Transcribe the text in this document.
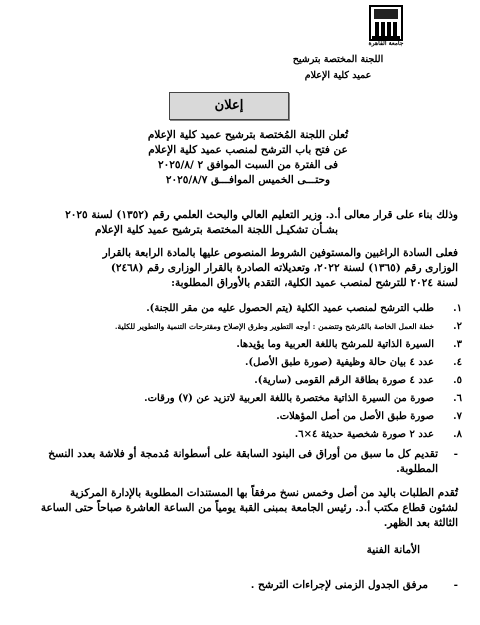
جامعة القاهرة
اللجنة المختصة بترشيح
عميد كلية الإعلام
إعلان
تُعلن اللجنة المُختصة بترشيح عميد كلية الإعلام
عن فتح باب الترشح لمنصب عميد كلية الإعلام
فى الفترة من السبت الموافق ٢ /٢٠٢٥/٨
وحتـــى الخميس الموافـــق ٢٠٢٥/٨/٧
وذلك بناء على قرار معالى أ.د. وزير التعليم العالي والبحث العلمي رقم (١٣٥٢) لسنة ٢٠٢٥
بشـأن تشكيـل اللجنة المختصة بترشيح عميد كلية الإعلام
فعلى السادة الراغبين والمستوفين الشروط المنصوص عليها بالمادة الرابعة بالقرار
الوزارى رقم (١٣٦٥) لسنة ٢٠٢٢، وتعديلاته الصادرة بالقرار الوزارى رقم (٢٤٦٨)
لسنة ٢٠٢٤ للترشح لمنصب عميد الكلية، التقدم بالأوراق المطلوبة:
١.
طلب الترشح لمنصب عميد الكلية (يتم الحصول عليه من مقر اللجنة).
٢.
خطة العمل الخاصة بالمُرشح وتتضمن : أوجه التطوير وطرق الإصلاح ومقترحات التنمية والتطوير للكلية.
٣.
السيرة الذاتية للمرشح باللغة العربية وما يؤيدها.
٤.
عدد ٤ بيان حالة وظيفية (صورة طبق الأصل).
٥.
عدد ٤ صورة بطاقة الرقم القومى (سارية).
٦.
صورة من السيرة الذاتية مختصرة باللغة العربية لاتزيد عن (٧) ورقات.
٧.
صورة طبق الأصل من أصل المؤهلات.
٨.
عدد ٢ صورة شخصية حديثة ٤×٦.
-
تقديم كل ما سبق من أوراق فى البنود السابقة على أسطوانة مُدمجة أو فلاشة بعدد النسخ
المطلوبة.
تُقدم الطلبات باليد من أصل وخمس نسخ مرفقاً بها المستندات المطلوبة بالإدارة المركزية
لشئون قطاع مكتب أ.د. رئيس الجامعة بمبنى القبة يومياً من الساعة العاشرة صباحاً حتى الساعة
الثالثة بعد الظهر.
الأمانة الفنية
-
مرفق الجدول الزمنى لإجراءات الترشح .
